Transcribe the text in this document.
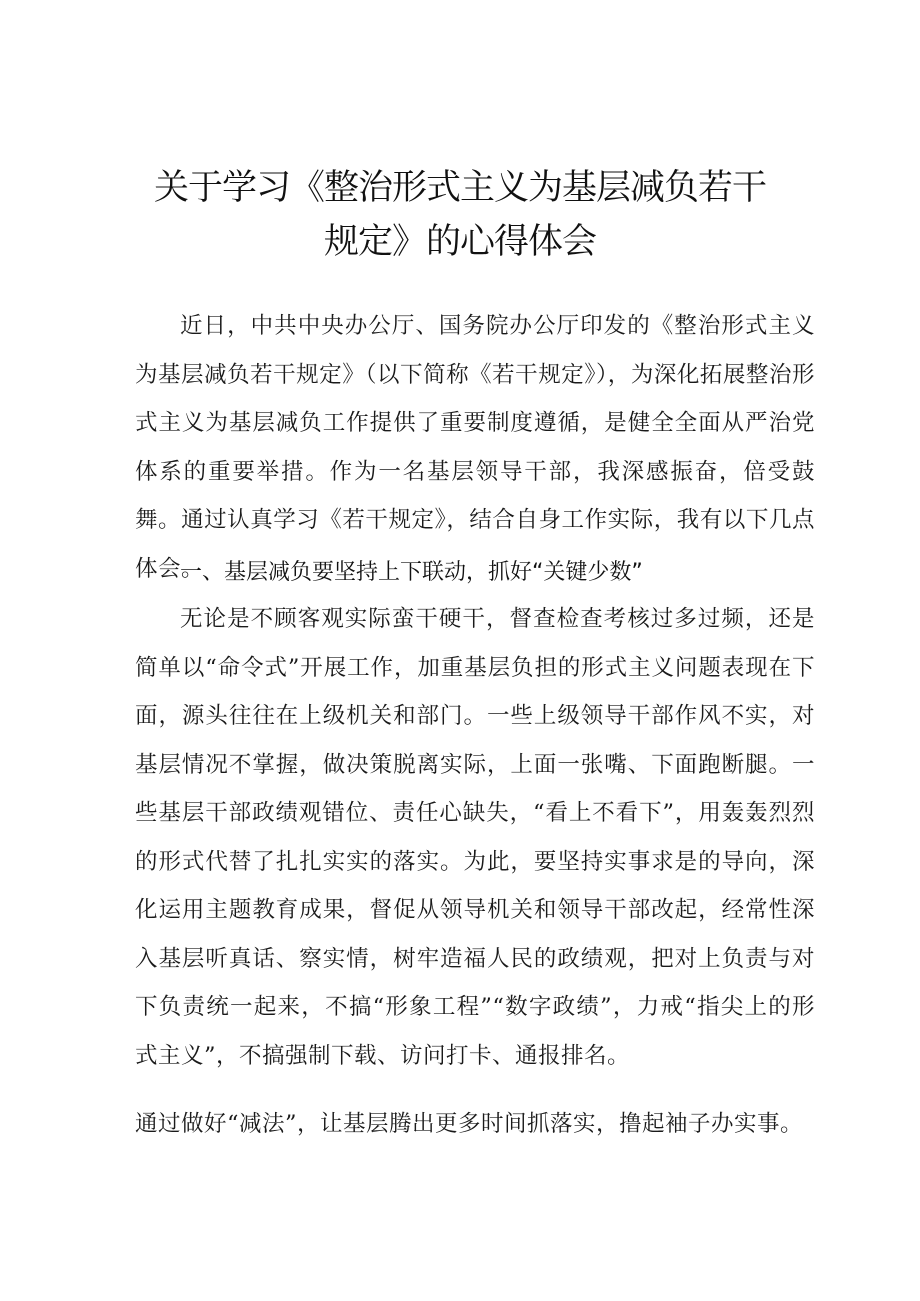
关于学习《整治形式主义为基层减负若干
规定》的心得体会

近日，中共中央办公厅、国务院办公厅印发的《整治形式主义为基层减负若干规定》（以下简称《若干规定》），为深化拓展整治形式主义为基层减负工作提供了重要制度遵循，是健全全面从严治党体系的重要举措。作为一名基层领导干部，我深感振奋，倍受鼓舞。通过认真学习《若干规定》，结合自身工作实际，我有以下几点体会。

一、基层减负要坚持上下联动，抓好“关键少数”

无论是不顾客观实际蛮干硬干，督查检查考核过多过频，还是简单以“命令式”开展工作，加重基层负担的形式主义问题表现在下面，源头往往在上级机关和部门。一些上级领导干部作风不实，对基层情况不掌握，做决策脱离实际，上面一张嘴、下面跑断腿。一些基层干部政绩观错位、责任心缺失，“看上不看下”，用轰轰烈烈的形式代替了扎扎实实的落实。为此，要坚持实事求是的导向，深化运用主题教育成果，督促从领导机关和领导干部改起，经常性深入基层听真话、察实情，树牢造福人民的政绩观，把对上负责与对下负责统一起来，不搞“形象工程”“数字政绩”，力戒“指尖上的形式主义”，不搞强制下载、访问打卡、通报排名。

通过做好“减法”，让基层腾出更多时间抓落实，撸起袖子办实事。
